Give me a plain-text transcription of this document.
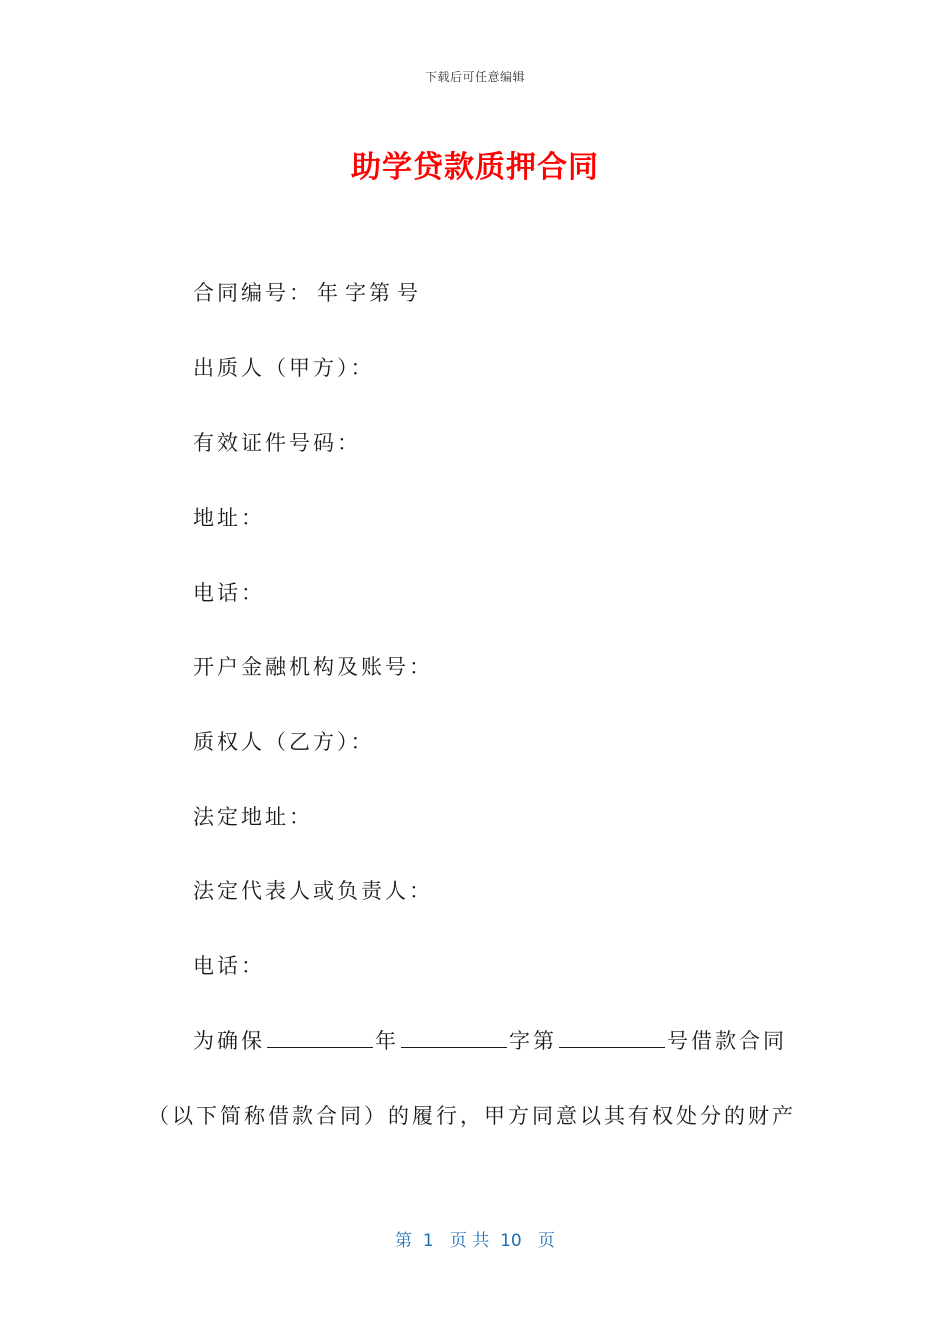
下载后可任意编辑
助学贷款质押合同
合同编号： 年 字第 号
出质人（甲方）：
有效证件号码：
地址：
电话：
开户金融机构及账号：
质权人（乙方）：
法定地址：
法定代表人或负责人：
电话：
为确保	年	字第	号借款合同
（以下简称借款合同）的履行，甲方同意以其有权处分的财产
第  1   页 共  10   页
